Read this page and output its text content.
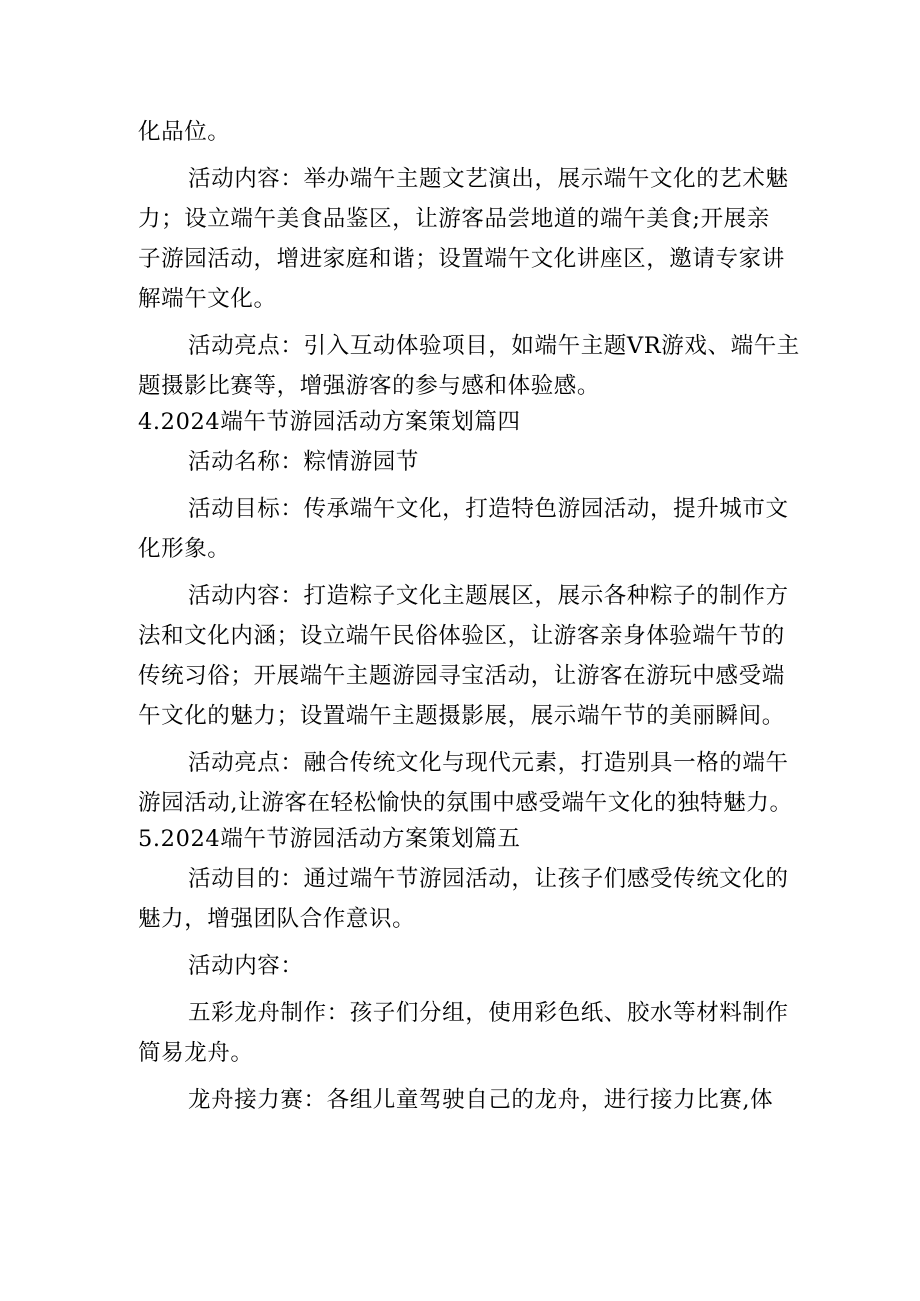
化品位。
活动内容：举办端午主题文艺演出，展示端午文化的艺术魅
力；设立端午美食品鉴区，让游客品尝地道的端午美食;开展亲
子游园活动，增进家庭和谐；设置端午文化讲座区，邀请专家讲
解端午文化。
活动亮点：引入互动体验项目，如端午主题VR游戏、端午主
题摄影比赛等，增强游客的参与感和体验感。
4.2024端午节游园活动方案策划篇四
活动名称：粽情游园节
活动目标：传承端午文化，打造特色游园活动，提升城市文
化形象。
活动内容：打造粽子文化主题展区，展示各种粽子的制作方
法和文化内涵；设立端午民俗体验区，让游客亲身体验端午节的
传统习俗；开展端午主题游园寻宝活动，让游客在游玩中感受端
午文化的魅力；设置端午主题摄影展，展示端午节的美丽瞬间。
活动亮点：融合传统文化与现代元素，打造别具一格的端午
游园活动,让游客在轻松愉快的氛围中感受端午文化的独特魅力。
5.2024端午节游园活动方案策划篇五
活动目的：通过端午节游园活动，让孩子们感受传统文化的
魅力，增强团队合作意识。
活动内容：
五彩龙舟制作：孩子们分组，使用彩色纸、胶水等材料制作
简易龙舟。
龙舟接力赛：各组儿童驾驶自己的龙舟，进行接力比赛,体
